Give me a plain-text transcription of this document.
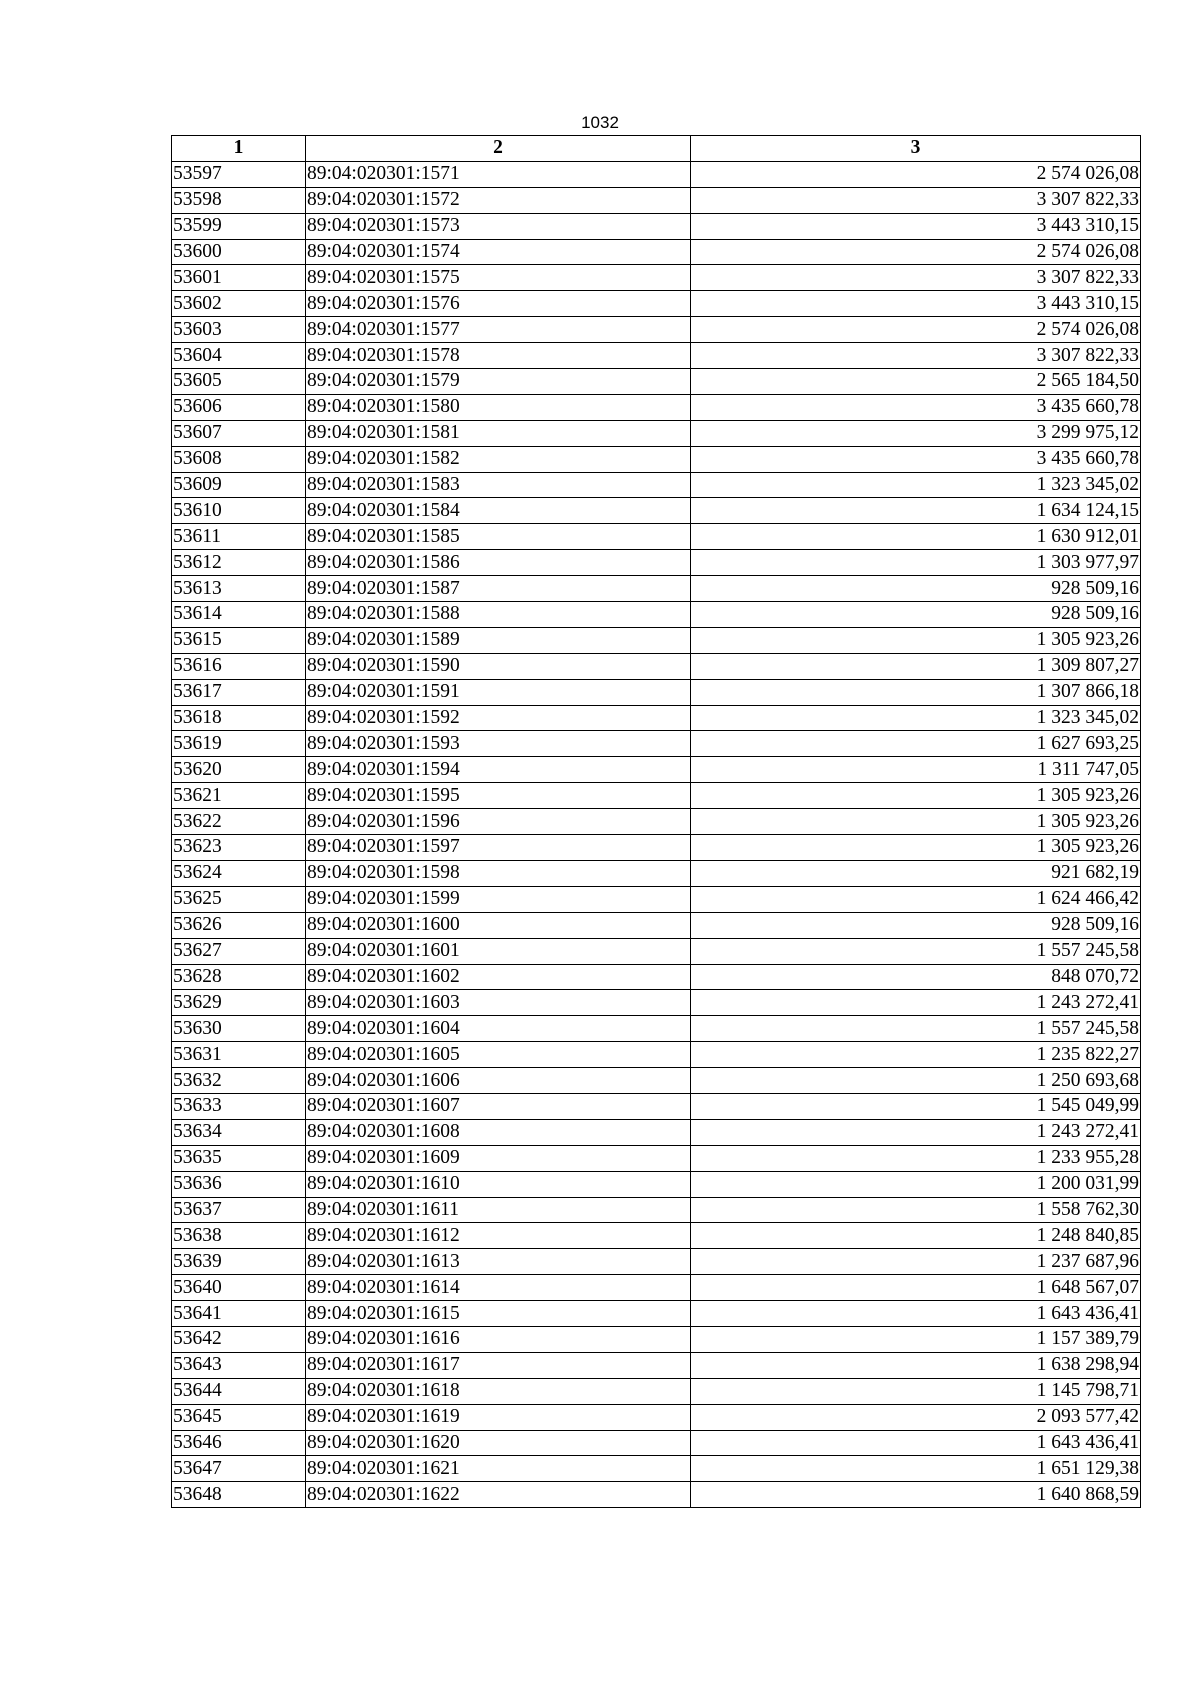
1032
1	2	3
53597	89:04:020301:1571	2 574 026,08
53598	89:04:020301:1572	3 307 822,33
53599	89:04:020301:1573	3 443 310,15
53600	89:04:020301:1574	2 574 026,08
53601	89:04:020301:1575	3 307 822,33
53602	89:04:020301:1576	3 443 310,15
53603	89:04:020301:1577	2 574 026,08
53604	89:04:020301:1578	3 307 822,33
53605	89:04:020301:1579	2 565 184,50
53606	89:04:020301:1580	3 435 660,78
53607	89:04:020301:1581	3 299 975,12
53608	89:04:020301:1582	3 435 660,78
53609	89:04:020301:1583	1 323 345,02
53610	89:04:020301:1584	1 634 124,15
53611	89:04:020301:1585	1 630 912,01
53612	89:04:020301:1586	1 303 977,97
53613	89:04:020301:1587	928 509,16
53614	89:04:020301:1588	928 509,16
53615	89:04:020301:1589	1 305 923,26
53616	89:04:020301:1590	1 309 807,27
53617	89:04:020301:1591	1 307 866,18
53618	89:04:020301:1592	1 323 345,02
53619	89:04:020301:1593	1 627 693,25
53620	89:04:020301:1594	1 311 747,05
53621	89:04:020301:1595	1 305 923,26
53622	89:04:020301:1596	1 305 923,26
53623	89:04:020301:1597	1 305 923,26
53624	89:04:020301:1598	921 682,19
53625	89:04:020301:1599	1 624 466,42
53626	89:04:020301:1600	928 509,16
53627	89:04:020301:1601	1 557 245,58
53628	89:04:020301:1602	848 070,72
53629	89:04:020301:1603	1 243 272,41
53630	89:04:020301:1604	1 557 245,58
53631	89:04:020301:1605	1 235 822,27
53632	89:04:020301:1606	1 250 693,68
53633	89:04:020301:1607	1 545 049,99
53634	89:04:020301:1608	1 243 272,41
53635	89:04:020301:1609	1 233 955,28
53636	89:04:020301:1610	1 200 031,99
53637	89:04:020301:1611	1 558 762,30
53638	89:04:020301:1612	1 248 840,85
53639	89:04:020301:1613	1 237 687,96
53640	89:04:020301:1614	1 648 567,07
53641	89:04:020301:1615	1 643 436,41
53642	89:04:020301:1616	1 157 389,79
53643	89:04:020301:1617	1 638 298,94
53644	89:04:020301:1618	1 145 798,71
53645	89:04:020301:1619	2 093 577,42
53646	89:04:020301:1620	1 643 436,41
53647	89:04:020301:1621	1 651 129,38
53648	89:04:020301:1622	1 640 868,59
